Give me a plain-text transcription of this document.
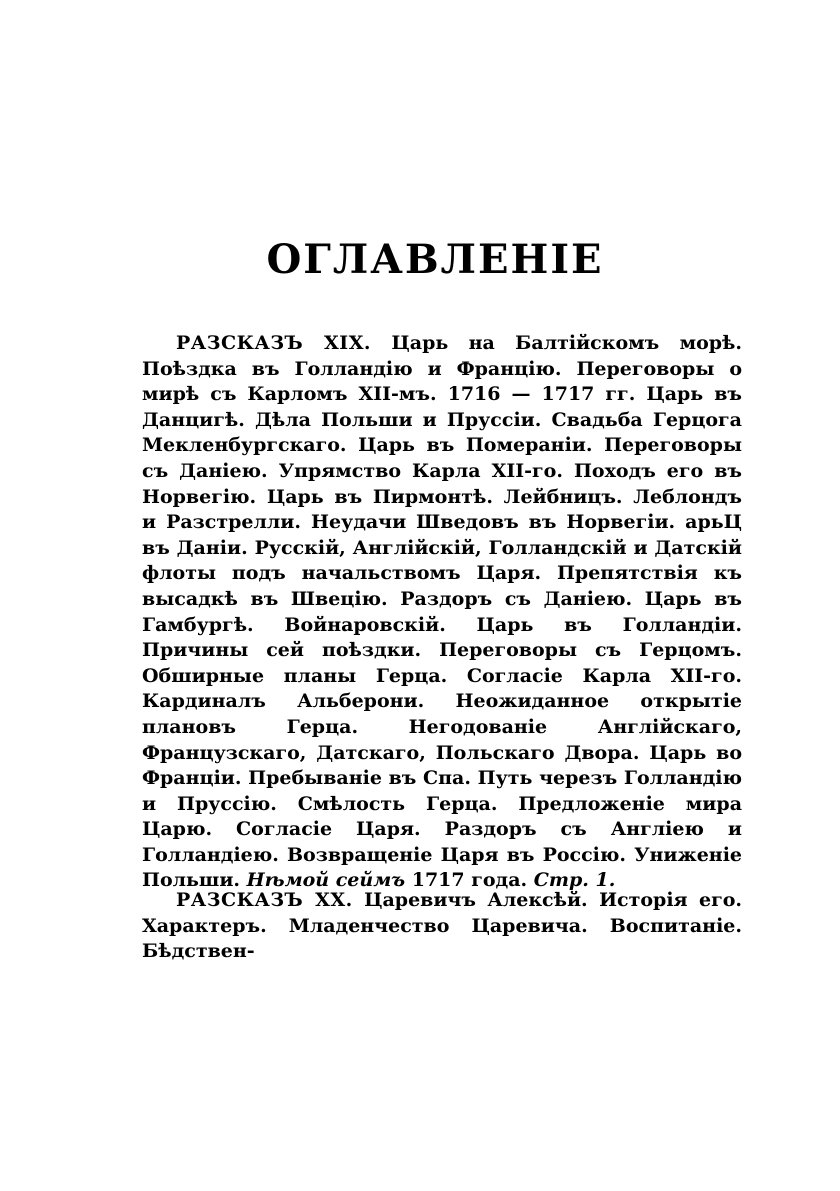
ОГЛАВЛЕНІЕ

РАЗСКАЗЪ XIX. Царь на Балтійскомъ морѣ. Поѣздка въ Голландію и Францію. Переговоры о мирѣ съ Карломъ XII-мъ. 1716 — 1717 гг. Царь въ Данцигѣ. Дѣла Польши и Пруссіи. Свадьба Герцога Мекленбургскаго. Царь въ Помераніи. Переговоры съ Даніею. Упрямство Карла XII-го. Походъ его въ Норвегію. Царь въ Пирмонтѣ. Лейбницъ. Леблондъ и Разстрелли. Неудачи Шведовъ въ Норвегіи. арьЦ въ Даніи. Русскій, Англійскій, Голландскій и Датскій флоты подъ начальствомъ Царя. Препятствія къ высадкѣ въ Швецію. Раздоръ съ Даніею. Царь въ Гамбургѣ. Войнаровскій. Царь въ Голландіи. Причины сей поѣздки. Переговоры съ Герцомъ. Обширные планы Герца. Согласіе Карла XII-го. Кардиналъ Альберони. Неожиданное открытіе плановъ Герца. Негодованіе Англійскаго, Французскаго, Датскаго, Польскаго Двора. Царь во Франціи. Пребываніе въ Спа. Путь черезъ Голландію и Пруссію. Смѣлость Герца. Предложеніе мира Царю. Согласіе Царя. Раздоръ съ Англіею и Голландіею. Возвращеніе Царя въ Россію. Униженіе Польши. Нѣмой сеймъ 1717 года. Стр. 1.

РАЗСКАЗЪ XX. Царевичъ Алексѣй. Исторія его. Характеръ. Младенчество Царевича. Воспитаніе. Бѣдствен-
